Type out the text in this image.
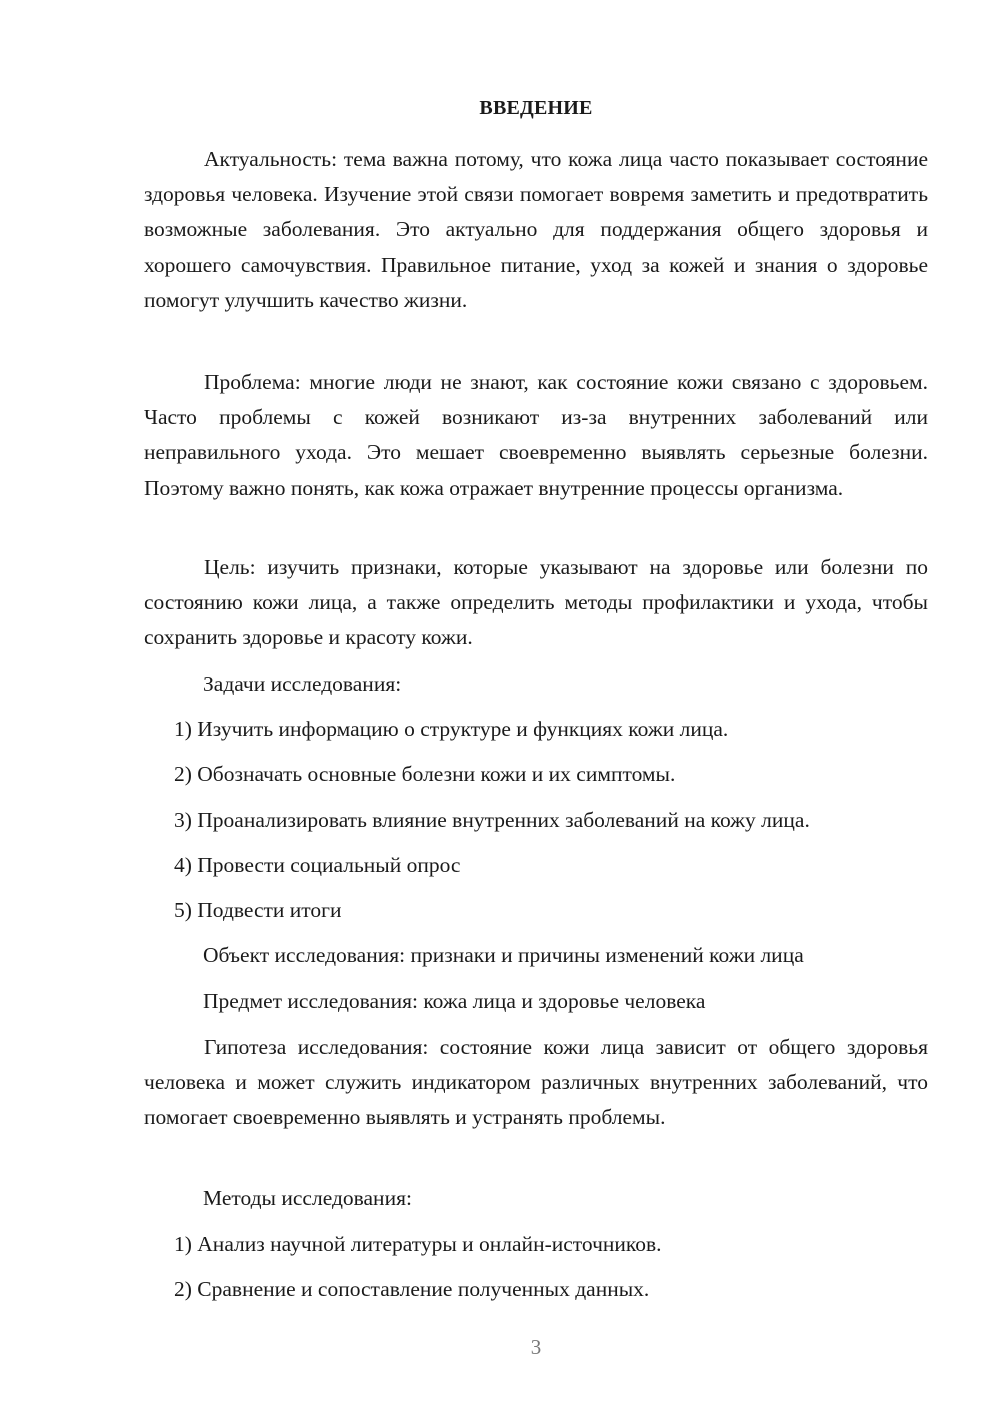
ВВЕДЕНИЕ

Актуальность: тема важна потому, что кожа лица часто показывает состояние здоровья человека. Изучение этой связи помогает вовремя заметить и предотвратить возможные заболевания. Это актуально для поддержания общего здоровья и хорошего самочувствия. Правильное питание, уход за кожей и знания о здоровье помогут улучшить качество жизни.

Проблема: многие люди не знают, как состояние кожи связано с здоровьем. Часто проблемы с кожей возникают из-за внутренних заболеваний или неправильного ухода. Это мешает своевременно выявлять серьезные болезни. Поэтому важно понять, как кожа отражает внутренние процессы организма.

Цель: изучить признаки, которые указывают на здоровье или болезни по состоянию кожи лица, а также определить методы профилактики и ухода, чтобы сохранить здоровье и красоту кожи.

Задачи исследования:
1) Изучить информацию о структуре и функциях кожи лица.
2) Обозначать основные болезни кожи и их симптомы.
3) Проанализировать влияние внутренних заболеваний на кожу лица.
4) Провести социальный опрос
5) Подвести итоги
Объект исследования: признаки и причины изменений кожи лица
Предмет исследования: кожа лица и здоровье человека

Гипотеза исследования: состояние кожи лица зависит от общего здоровья человека и может служить индикатором различных внутренних заболеваний, что помогает своевременно выявлять и устранять проблемы.

Методы исследования:
1) Анализ научной литературы и онлайн-источников.
2) Сравнение и сопоставление полученных данных.
3
